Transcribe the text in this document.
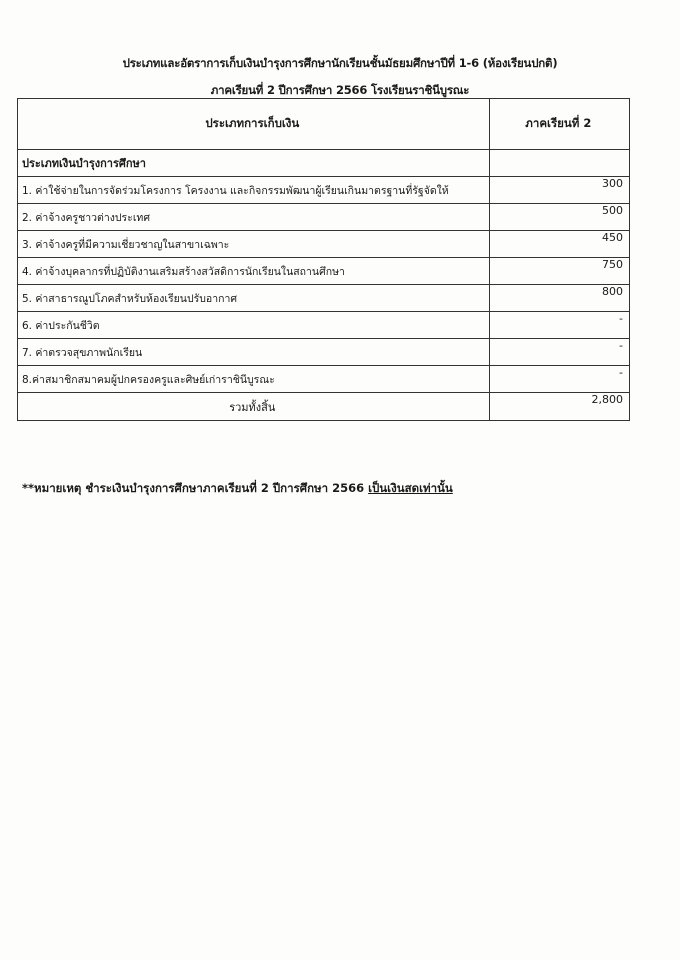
ประเภทและอัตราการเก็บเงินบำรุงการศึกษานักเรียนชั้นมัธยมศึกษาปีที่ 1-6 (ห้องเรียนปกติ)
ภาคเรียนที่ 2 ปีการศึกษา 2566 โรงเรียนราชินีบูรณะ
ประเภทการเก็บเงิน	ภาคเรียนที่ 2
ประเภทเงินบำรุงการศึกษา	
1. ค่าใช้จ่ายในการจัดร่วมโครงการ โครงงาน และกิจกรรมพัฒนาผู้เรียนเกินมาตรฐานที่รัฐจัดให้	300
2. ค่าจ้างครูชาวต่างประเทศ	500
3. ค่าจ้างครูที่มีความเชี่ยวชาญในสาขาเฉพาะ	450
4. ค่าจ้างบุคลากรที่ปฏิบัติงานเสริมสร้างสวัสดิการนักเรียนในสถานศึกษา	750
5. ค่าสาธารณูปโภคสำหรับห้องเรียนปรับอากาศ	800
6. ค่าประกันชีวิต	-
7. ค่าตรวจสุขภาพนักเรียน	-
8.ค่าสมาชิกสมาคมผู้ปกครองครูและศิษย์เก่าราชินีบูรณะ	-
รวมทั้งสิ้น	2,800
**หมายเหตุ ชำระเงินบำรุงการศึกษาภาคเรียนที่ 2 ปีการศึกษา 2566 เป็นเงินสดเท่านั้น
